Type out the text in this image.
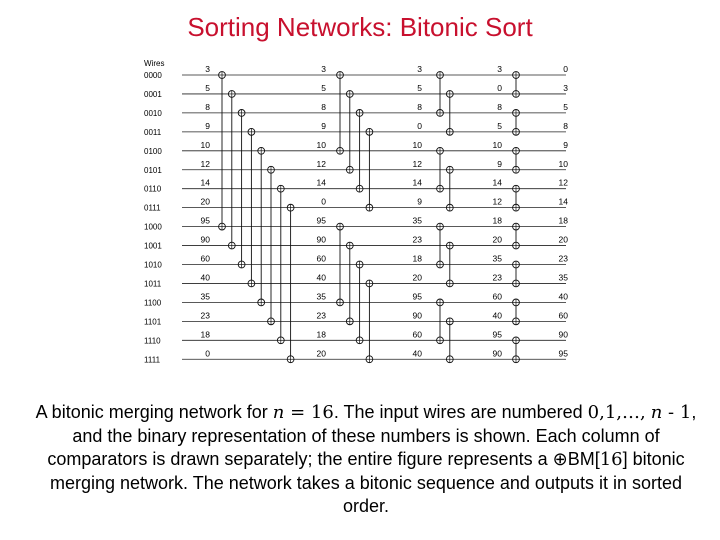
Sorting Networks: Bitonic Sort
Wires
0000
0001
0010
0011
0100
0101
0110
0111
1000
1001
1010
1011
1100
1101
1110
1111
3
5
8
9
10
12
14
20
95
90
60
40
35
23
18
0
3
5
8
9
10
12
14
0
95
90
60
40
35
23
18
20
3
5
8
0
10
12
14
9
35
23
18
20
95
90
60
40
3
0
8
5
10
9
14
12
18
20
35
23
60
40
95
90
0
3
5
8
9
10
12
14
18
20
23
35
40
60
90
95
A bitonic merging network for n = 16. The input wires are numbered 0,1,…, n - 1, and the binary representation of these numbers is shown. Each column of comparators is drawn separately; the entire figure represents a ⊕BM[16] bitonic merging network. The network takes a bitonic sequence and outputs it in sorted order.
